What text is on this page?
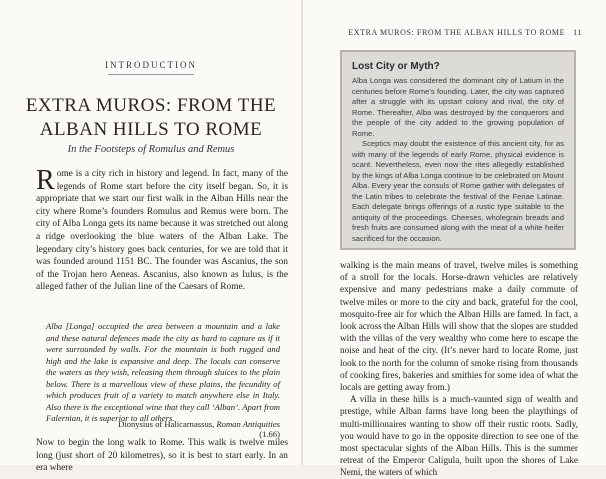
INTRODUCTION
EXTRA MUROS: FROM THE ALBAN HILLS TO ROME
In the Footsteps of Romulus and Remus
Rome is a city rich in history and legend. In fact, many of the legends of Rome start before the city itself began. So, it is appropriate that we start our first walk in the Alban Hills near the city where Rome’s founders Romulus and Remus were born. The city of Alba Longa gets its name because it was stretched out along a ridge overlooking the blue waters of the Alban Lake. The legendary city’s history goes back centuries, for we are told that it was founded around 1151 BC. The founder was Ascanius, the son of the Trojan hero Aeneas. Ascanius, also known as Iulus, is the alleged father of the Julian line of the Caesars of Rome.
Alba [Longa] occupied the area between a mountain and a lake and these natural defences made the city as hard to capture as if it were surrounded by walls. For the mountain is both rugged and high and the lake is expansive and deep. The locals can conserve the waters as they wish, releasing them through sluices to the plain below. There is a marvellous view of these plains, the fecundity of which produces fruit of a variety to match anywhere else in Italy. Also there is the exceptional wine that they call ‘Alban’. Apart from Falernian, it is superior to all others.
Dionysius of Halicarnassus, Roman Antiquities (1.66)
Now to begin the long walk to Rome. This walk is twelve miles long (just short of 20 kilometres), so it is best to start early. In an era where
EXTRA MUROS: FROM THE ALBAN HILLS TO ROME 11
Lost City or Myth?

Alba Longa was considered the dominant city of Latium in the centuries before Rome’s founding. Later, the city was captured after a struggle with its upstart colony and rival, the city of Rome. Thereafter, Alba was destroyed by the conquerors and the people of the city added to the growing population of Rome.

Sceptics may doubt the existence of this ancient city, for as with many of the legends of early Rome, physical evidence is scant. Nevertheless, even now the rites allegedly established by the kings of Alba Longa continue to be celebrated on Mount Alba. Every year the consuls of Rome gather with delegates of the Latin tribes to celebrate the festival of the Feriae Latinae. Each delegate brings offerings of a rustic type suitable to the antiquity of the proceedings. Cheeses, wholegrain breads and fresh fruits are consumed along with the meat of a white heifer sacrificed for the occasion.

walking is the main means of travel, twelve miles is something of a stroll for the locals. Horse-drawn vehicles are relatively expensive and many pedestrians make a daily commute of twelve miles or more to the city and back, grateful for the cool, mosquito-free air for which the Alban Hills are famed. In fact, a look across the Alban Hills will show that the slopes are studded with the villas of the very wealthy who come here to escape the noise and heat of the city. (It’s never hard to locate Rome, just look to the north for the column of smoke rising from thousands of cooking fires, bakeries and smithies for some idea of what the locals are getting away from.)
A villa in these hills is a much-vaunted sign of wealth and prestige, while Alban farms have long been the playthings of multi-millionaires wanting to show off their rustic roots. Sadly, you would have to go in the opposite direction to see one of the most spectacular sights of the Alban Hills. This is the summer retreat of the Emperor Caligula, built upon the shores of Lake Nemi, the waters of which
